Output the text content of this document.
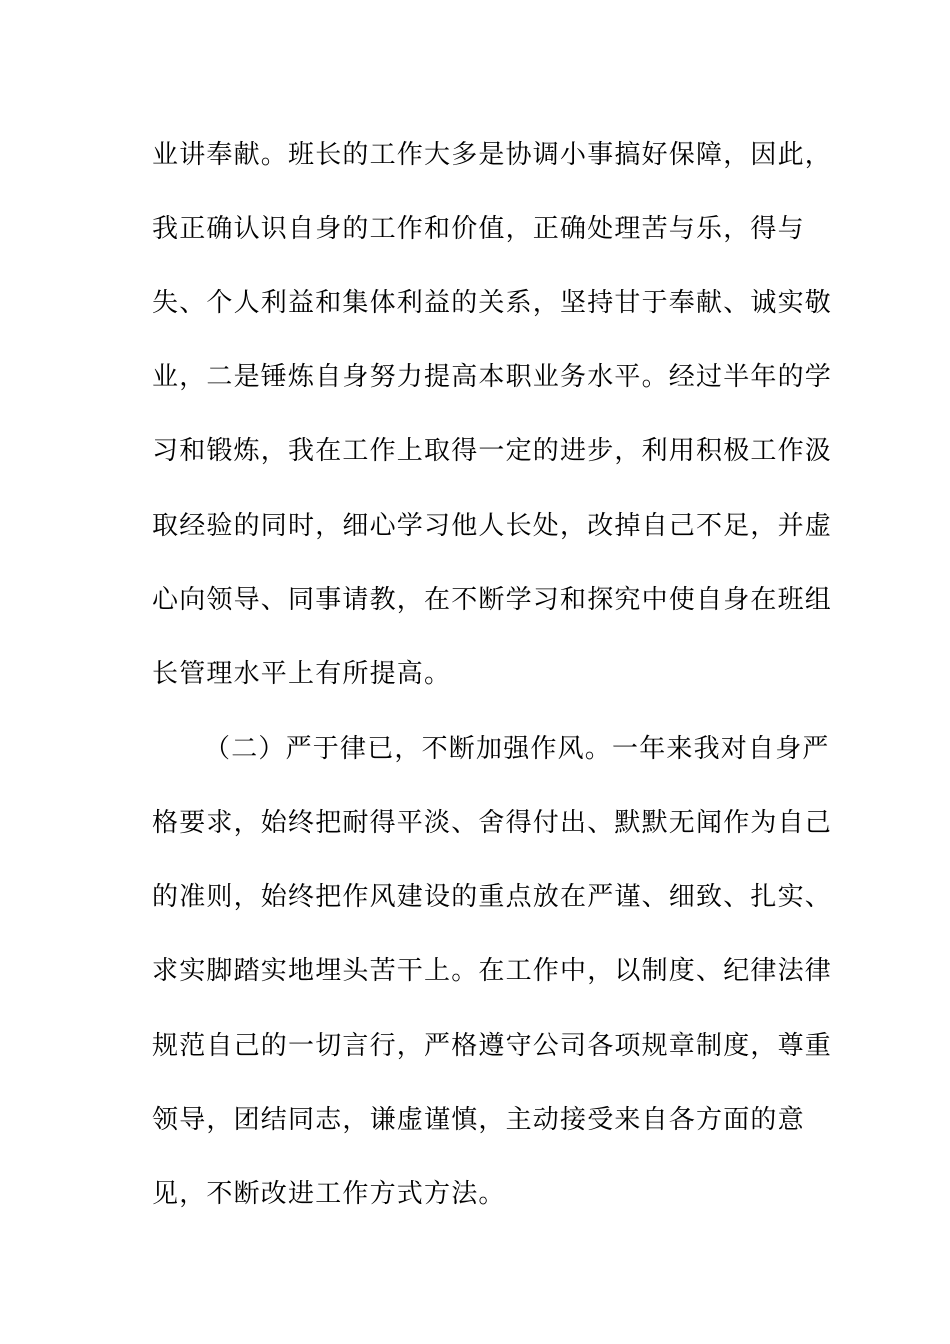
业讲奉献。班长的工作大多是协调小事搞好保障，因此，
我正确认识自身的工作和价值，正确处理苦与乐，得与
失、个人利益和集体利益的关系，坚持甘于奉献、诚实敬
业，二是锤炼自身努力提高本职业务水平。经过半年的学
习和锻炼，我在工作上取得一定的进步，利用积极工作汲
取经验的同时，细心学习他人长处，改掉自己不足，并虚
心向领导、同事请教，在不断学习和探究中使自身在班组
长管理水平上有所提高。
（二）严于律已，不断加强作风。一年来我对自身严
格要求，始终把耐得平淡、舍得付出、默默无闻作为自己
的准则，始终把作风建设的重点放在严谨、细致、扎实、
求实脚踏实地埋头苦干上。在工作中，以制度、纪律法律
规范自己的一切言行，严格遵守公司各项规章制度，尊重
领导，团结同志，谦虚谨慎，主动接受来自各方面的意
见，不断改进工作方式方法。
